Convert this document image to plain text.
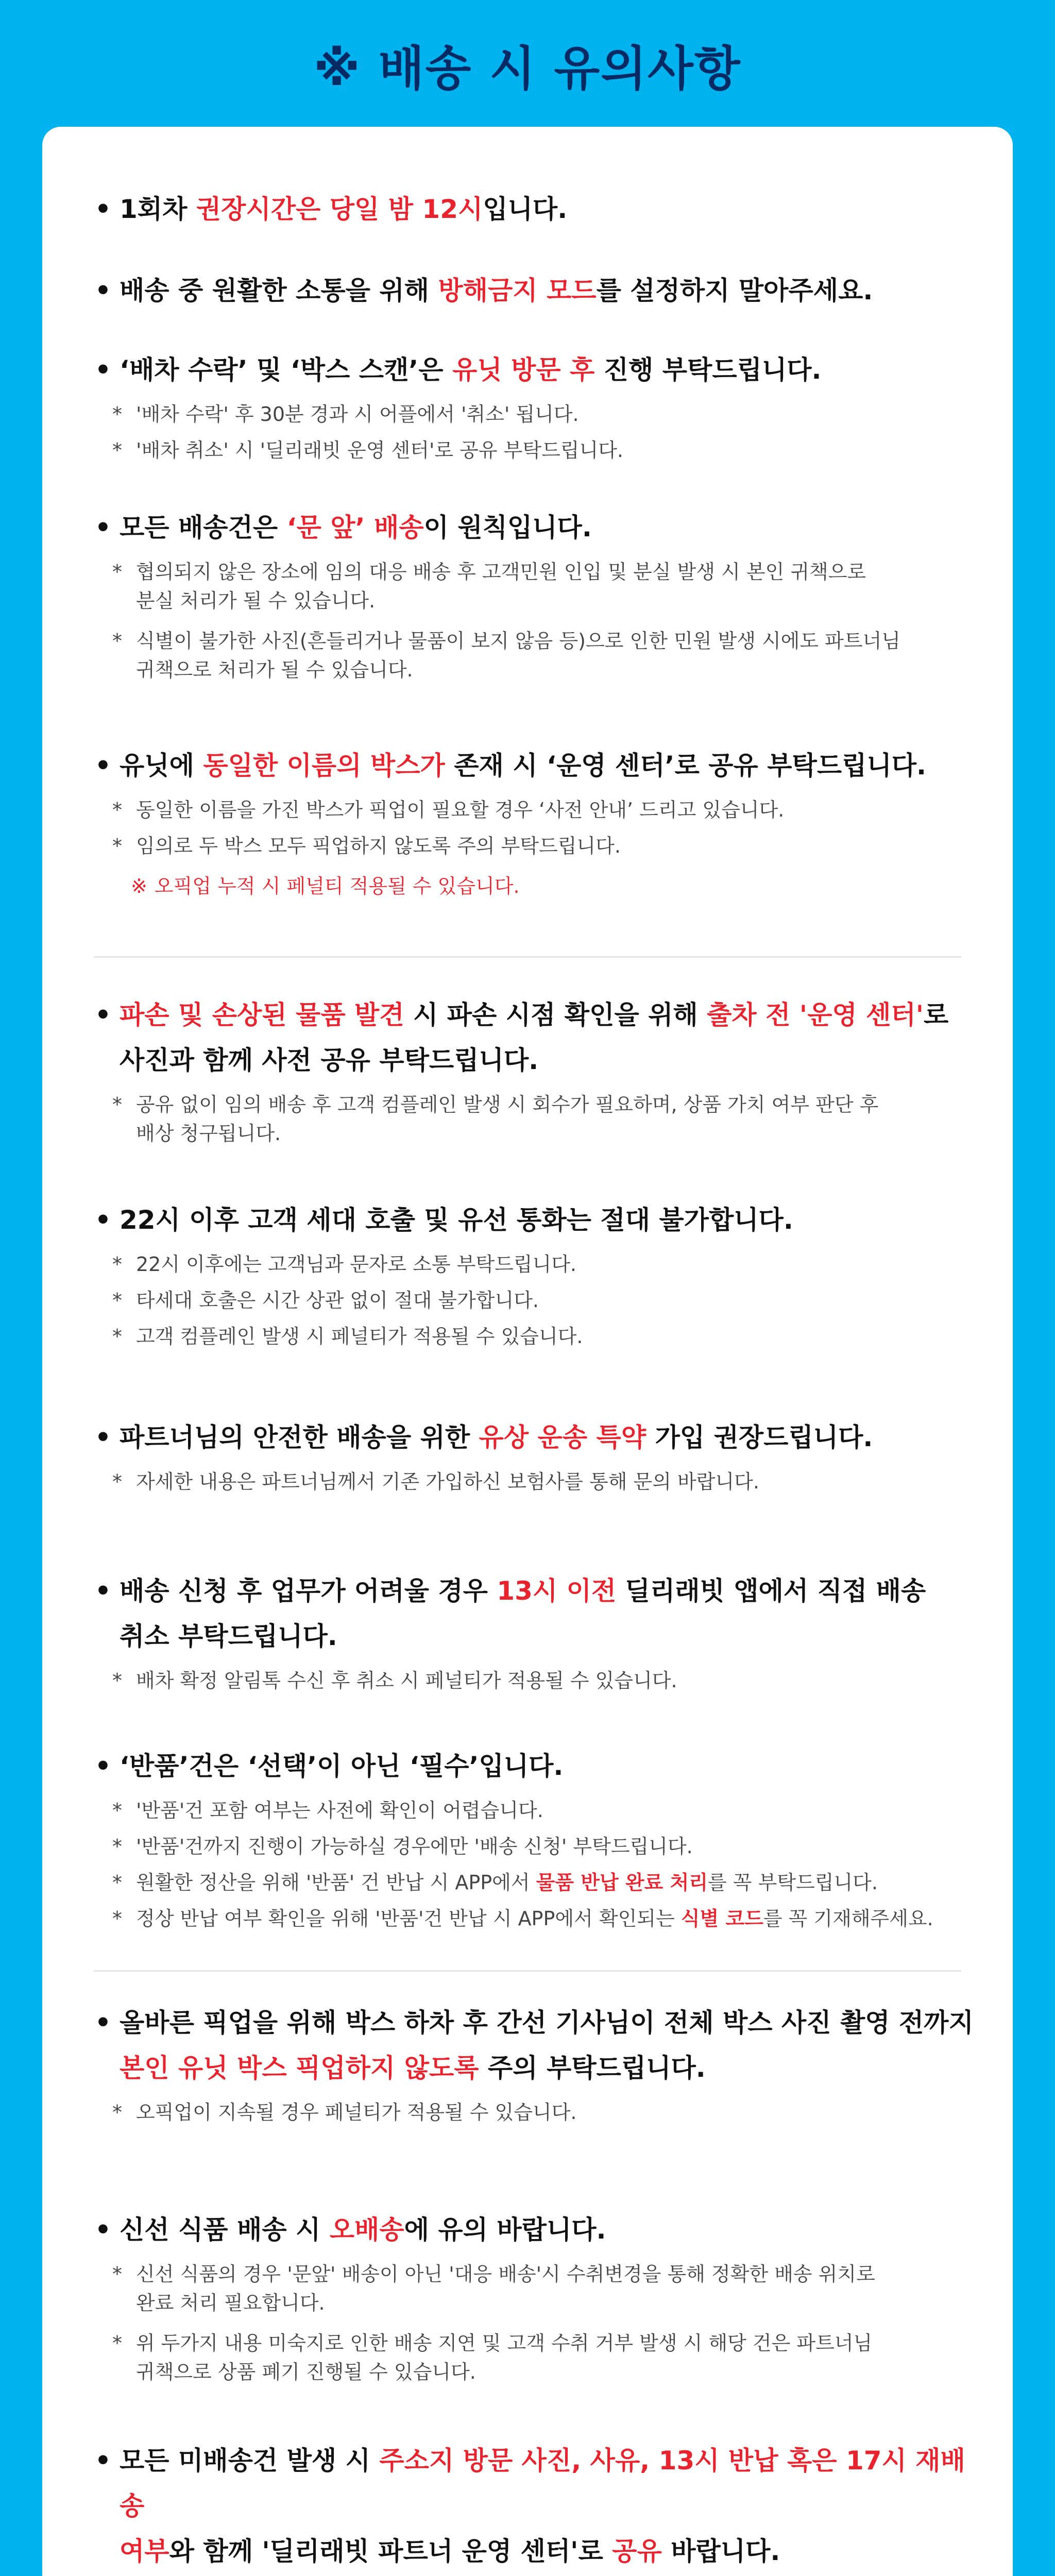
※ 배송 시 유의사항
• 1회차 권장시간은 당일 밤 12시입니다.
• 배송 중 원활한 소통을 위해 방해금지 모드를 설정하지 말아주세요.
• ‘배차 수락’ 및 ‘박스 스캔’은 유닛 방문 후 진행 부탁드립니다.
* '배차 수락' 후 30분 경과 시 어플에서 '취소' 됩니다.
* '배차 취소' 시 '딜리래빗 운영 센터'로 공유 부탁드립니다.
• 모든 배송건은 ‘문 앞’ 배송이 원칙입니다.
* 협의되지 않은 장소에 임의 대응 배송 후 고객민원 인입 및 분실 발생 시 본인 귀책으로
분실 처리가 될 수 있습니다.
* 식별이 불가한 사진(흔들리거나 물품이 보지 않음 등)으로 인한 민원 발생 시에도 파트너님
귀책으로 처리가 될 수 있습니다.
• 유닛에 동일한 이름의 박스가 존재 시 ‘운영 센터’로 공유 부탁드립니다.
* 동일한 이름을 가진 박스가 픽업이 필요할 경우 ‘사전 안내’ 드리고 있습니다.
* 임의로 두 박스 모두 픽업하지 않도록 주의 부탁드립니다.
※ 오픽업 누적 시 페널티 적용될 수 있습니다.
• 파손 및 손상된 물품 발견 시 파손 시점 확인을 위해 출차 전 '운영 센터'로
사진과 함께 사전 공유 부탁드립니다.
* 공유 없이 임의 배송 후 고객 컴플레인 발생 시 회수가 필요하며, 상품 가치 여부 판단 후
배상 청구됩니다.
• 22시 이후 고객 세대 호출 및 유선 통화는 절대 불가합니다.
* 22시 이후에는 고객님과 문자로 소통 부탁드립니다.
* 타세대 호출은 시간 상관 없이 절대 불가합니다.
* 고객 컴플레인 발생 시 페널티가 적용될 수 있습니다.
• 파트너님의 안전한 배송을 위한 유상 운송 특약 가입 권장드립니다.
* 자세한 내용은 파트너님께서 기존 가입하신 보험사를 통해 문의 바랍니다.
• 배송 신청 후 업무가 어려울 경우 13시 이전 딜리래빗 앱에서 직접 배송
취소 부탁드립니다.
* 배차 확정 알림톡 수신 후 취소 시 페널티가 적용될 수 있습니다.
• ‘반품’건은 ‘선택’이 아닌 ‘필수’입니다.
* '반품'건 포함 여부는 사전에 확인이 어렵습니다.
* '반품'건까지 진행이 가능하실 경우에만 '배송 신청' 부탁드립니다.
* 원활한 정산을 위해 '반품' 건 반납 시 APP에서 물품 반납 완료 처리를 꼭 부탁드립니다.
* 정상 반납 여부 확인을 위해 '반품'건 반납 시 APP에서 확인되는 식별 코드를 꼭 기재해주세요.
• 올바른 픽업을 위해 박스 하차 후 간선 기사님이 전체 박스 사진 촬영 전까지
본인 유닛 박스 픽업하지 않도록 주의 부탁드립니다.
* 오픽업이 지속될 경우 페널티가 적용될 수 있습니다.
• 신선 식품 배송 시 오배송에 유의 바랍니다.
* 신선 식품의 경우 '문앞' 배송이 아닌 '대응 배송'시 수취변경을 통해 정확한 배송 위치로
완료 처리 필요합니다.
* 위 두가지 내용 미숙지로 인한 배송 지연 및 고객 수취 거부 발생 시 해당 건은 파트너님
귀책으로 상품 폐기 진행될 수 있습니다.
• 모든 미배송건 발생 시 주소지 방문 사진, 사유, 13시 반납 혹은 17시 재배송
여부와 함께 '딜리래빗 파트너 운영 센터'로 공유 바랍니다.
